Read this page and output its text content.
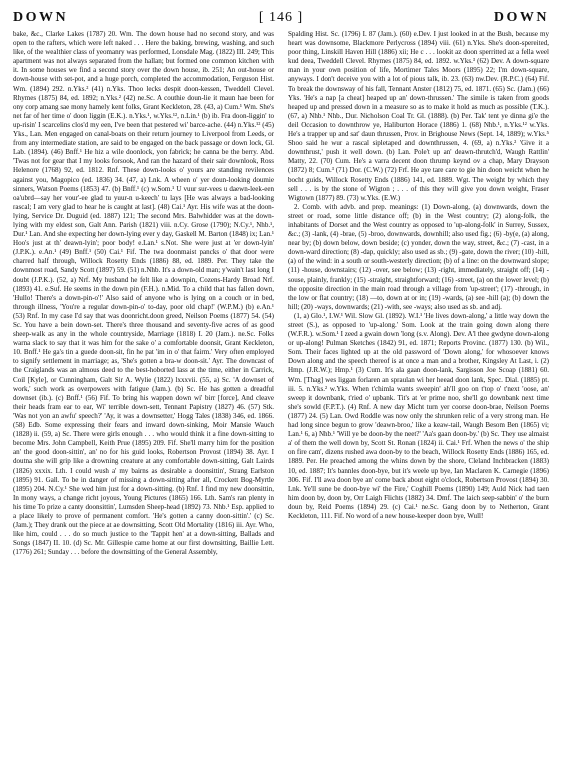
DOWN	[ 146 ]	DOWN

bake, &c., Clarke Lakes (1787) 20. Wm. The down house had no second story, and was open to the rafters, which were left naked . . . Here the baking, brewing, washing, and such like, of the wealthier class of yeomanry was performed, Lonsdale Mag. (1822) III. 249; This apartment was not always separated from the hallan; but formed one common kitchen with it. In some houses we find a second story over the down house, ib. 251; An out-house or down-house with set-pot, and a huge porch, completed the accommodation, Ferguson Hist. Wm. (1894) 292. n.Yks.² (41) n.Yks. Thoo lecks despit doon-kessen, Tweddell Clevel. Rhymes (1875) 84, ed. 1892; n.Yks.² (42) ne.Sc. A couthie doun-lie it maun hae been for ony corp amang sae mony hamely kent folks, Grant Keckleton, 28. (43, a) Cum.¹ Wm. She's net far of her time o' doon liggin (E.K.). n.Yks.¹, w.Yks.¹², n.Lin.¹ (b) ib. Fra doon-liggin' to up-risin' I scarcelins clos'd my een, I've been that pestered wi' barce-ache. (44) n.Yks.¹² (45) Yks., Lan. Men engaged on canal-boats on their return journey to Liverpool from Leeds, or from any intermediate station, are said to be engaged on the back passage or down lock, Gl. Lab. (1894). (46) Bnff.¹ He hiz a wile doonlock, yon fabrick; he canna be the berry. Abd. 'Twas not for gear that I my looks forsook, And ran the hazard of their sair downlook, Ross Helenore (1768) 92, ed. 1812. Rnf. These down-looks o' yours are standing revilences against you, Magopico (ed. 1836) 34. (47, a) Lnk. A wheen o' yer doun-looking doumie sinners, Watson Poems (1853) 47. (b) Bnff.¹ (c) w.Som.¹ U vuur sur-vees u daewn-leek-een oa'ubrd—say her vour'-ee glad tu yuur-n u-keech' tu lays [He was always a bad-looking rascal; I am very glad to hear he is caught at last]. (48) Cai.¹ Ayr. His wife was at the doon-lying, Service Dr. Duguid (ed. 1887) 121; The second Mrs. Balwhidder was at the down-lying with my eldest son, Galt Ann. Parish (1821) viii. n.Cy. Grose (1790); N.Cy.¹, Nhb.¹, Dur.¹ Lan. And she expecting her down-lying ever y day, Gaskell M. Barton (1848) ix; Lan.¹ Hoo's just at th' deawn-lyin'; poor body! e.Lan.¹ s.Not. She were just at 'er down-lyin' (J.P.K.). e.An.¹ (49) Bnff.¹ (50) Cai.¹ Fif. The twa doonmaist pancks o' that door were charred half through, Willock Rosetty Ends (1886) 88, ed. 1889. Per. They take the downmost road, Sandy Scott (1897) 59. (51) n.Nhb. It's a down-old man; y'wain't last long I doubt (J.P.K.). (52, a) Nrf. My husband he felt like a downpin, Cozens-Hardy Broad Nrf. (1893) 41. e.Suf. He seems in the down pin (F.H.). n.Mid. To a child that has fallen down, 'Hullo! There's a down-pin-o'!' Also said of anyone who is lying on a couch or in bed, through illness, 'You're a regular down-pin-o' to-day, poor old chap!' (W.P.M.) (b) e.An.¹ (53) Rnf. In my case I'd say that was doonricht.doon greed, Neilson Poems (1877) 54. (54) Sc. You have a bein down-set. There's three thousand and seventy-five acres of as good sheep-walk as any in the whole countryside, Marriage (1818) I. 20 (Jam.). ne.Sc. Folks warna slack to say that it was him for the sake o' a comfortable doonsit, Grant Keckleton, 10. Bnff.¹ He ga's tin a guede doon-sit, fin he pat 'im in o' that fairm.' Very often employed to signify settlement in marriage; as, 'She's gotten a bra-w doon-sit.' Ayr. The downcast of the Craiglands was an almous deed to the best-hoborted lass at the time, either in Carrick, Coil [Kyle], or Cunningham, Galt Sir A. Wylie (1822) lxxxvii. (55, a) Sc. 'A downset of work,' such work as overpowers with fatigue (Jam.). (b) Sc. He has gotten a dreadful downset (ib.). (c) Bnff.¹ (56) Fif. To bring his wappen down wi' birr [force], And cleave their heads fram ear to ear, Wi' terrible down-sett, Tennant Papistry (1827) 46. (57) Stk. 'Was not yon an awfu' speech?' 'Ay, it was a downsetter,' Hogg Tales (1838) 346, ed. 1866. (58) Edb. Some expressing their fears and inward down-sinking, Moir Mansie Wauch (1828) ii. (59, a) Sc. There were girls enough . . . who would think it a fine down-sitting to become Mrs. John Campbell, Keith Prue (1895) 209. Fif. She'll marry him for the position an' the good doon-sittin', an' no for his guid looks, Robertson Provost (1894) 38. Ayr. I doutna she will grip like a drowning creature at any comfortable down-sitting, Galt Lairds (1826) xxxix. Lth. I could wush a' my bairns as desirable a doonsittin', Strang Earlston (1895) 91. Gall. To be in danger of missing a down-sitting after all, Crockett Bog-Myrtle (1895) 204. N.Cy.¹ She wed him just for a down-sitting. (b) Rnf. I find my new doonsittin, In mony ways, a change richt joyous, Young Pictures (1865) 166. Lth. Sam's ran plenty in his time To prize a canty doonsittin', Lumsden Sheep-head (1892) 73. Nhb.¹ Esp. applied to a place likely to prove of permanent comfort. 'He's gotten a canny doon-sittin'.' (c) Sc. (Jam.); They drank out the piece at ae downsitting, Scott Old Mortality (1816) iii. Ayr. Who, like him, could . . . do so much justice to the 'Tappit hen' at a down-sitting, Ballads and Songs (1847) II. 10. (d) Sc. Mr. Gillespie came home at our first downsitting, Baillie Lett. (1776) 261; Sunday . . . before the downsitting of the General Assembly,

Spalding Hist. Sc. (1796) I. 87 (Jam.). (60) e.Dev. I just looked in at the Bush, because my heart was downsome, Blackmore Perlycross (1894) viii. (61) n.Yks. She's doon-spereited, poor thing, Linskill Haven Hill (1886) xii; He c . . . lookit az doon sperritted az a fella weel kud deea, Tweddell Clevel. Rhymes (1875) 84, ed. 1892. w.Yks.³ (62) Dev. A down-square man in your own position of life, Mortimer Tales Moors (1895) 22; I'm down-square, anyways. I don't deceive you with a lot of pious talk, ib. 23. (63) nw.Dev. (R.P.C.) (64) Fif. To break the downsway of his fall, Tennant Anster (1812) 75, ed. 1871. (65) Sc. (Jam.) (66) Yks. 'He's a nap [a cheat] heaped up an' down-thrussen.' The simile is taken from goods heaped up and pressed down in a measure so as to make it hold as much as possible (T.K.). (67, a) Nhb.¹ Nhb., Dur. Nicholson Coal Tr. Gl. (1888). (b) Per. Tak' tent ye dinna gi'e the deil Occasion to downthrow ye, Haliburton Horace (1886) 1. (68) Nhb.¹, n.Yks.¹² w.Yks. He's a trapper up and sat' daun thrussen, Prov. in Brighouse News (Sept. 14, 1889); w.Yks.⁵ Shoo said he wur a rascal sipletaped and downthrussen, 4. (69, a) n.Yks.² 'Give it a downthrust,' push it well down. (b) Lan. Pole't up an' deawn-thrutch'd, Waugh Rattlin' Matty, 22. (70) Cum. He's a varra decent doon thrump keynd ov a chap, Mary Drayson (1872) 8; Cum.³ (71) Dor. (C.W.) (72) Frf. He aye tare care to gie hin doon weicht when he bocht guids, Willock Rosetty Ends (1886) 141, ed. 1889. Wgt. The weight by which they sell . . . is by the stone of Wigton ; . . . of this they will give you down weight, Fraser Wigtown (1877) 89. (73) w.Yks. (E.W.)

2. Comb. with advb. and prep. meanings: (1) Down-along, (a) downwards, down the street or road, some little distance off; (b) in the West country; (2) along-folk, the inhabitants of Dorset and the West country as opposed to 'up-along-folk' in Surrey, Sussex, &c.; (3) -lank, (4) -brae, (5) -broo, downwards, downhill; also used fig.; (6) -by(e, (a) along, near by; (b) down below, down beside; (c) yonder, down the way, street, &c.; (7) -cast, in a down-ward direction; (8) -dap, quickly; also used as sb.; (9) -gate, down the river; (10) -hill, (a) of the wind: in a south or south-westerly direction; (b) of a line: on the downward slope; (11) -house, downstairs; (12) -over, see below; (13) -right, immediately, straight off; (14) -souse, plainly, frankly; (15) -straight, straightforward; (16) -street, (a) on the lower level; (b) the opposite direction in the main road through a village from 'up-street'; (17) -through, in the low or flat country; (18) —to, down at or in; (19) -wards, (a) see -hill (a); (b) down the hill; (20) -ways, downwards; (21) -with, see -ways; also used as sb. and adj.

(1, a) Glo.¹, I.W.¹ Wil. Slow Gl. (1892). W.I.¹ 'He lives down-along,' a little way down the street (S.), as opposed to 'up-along.' Som. Look at the train going down along there (W.F.R.). w.Som.¹ I zeed a gwain down 'long (s.v. Along). Dev. A'l thee gwdyne down-along or up-along! Pulman Sketches (1842) 91, ed. 1871; Reports Provinc. (1877) 130. (b) Wil., Som. Their faces lighted up at the old password of 'Down along,' for whosoever knows Down along and the speech thereof is at once a man and a brother, Kingsley At Last, i. (2) Hmp. (J.R.W.); Hmp.¹ (3) Cum. It's ala gaan doon-lank, Sargisson Joe Scoap (1881) 60. Wm. [Thag] wes liggan forlaren an spraulan wi her heead doon lank, Spec. Dial. (1885) pt. iii. 5. n.Yks.² w.Yks. When t'chimla wants sweepin' ah'll goo on t'top o' t'next 'oose, an' sweep it downbank, t'ried o' upbank. Tit's at 'er prime noo, she'll go downbank next time she's sowld (F.P.T.). (4) Rnf. A new day Micht turn yer coorse doon-brae, Neilson Poems (1877) 24. (5) Lan. Owd Roddle was now only the shrunken relic of a very strong man. He had long since begun to grow 'deawn-broo,' like a keaw-tail, Waugh Besom Ben (1865) vi; Lan.¹ 6, a) Nhb.¹ 'Will ye be doon-by the neet?' 'Aa's gaan doon-by.' (b) Sc. They use almaist a' of them the well down by, Scott St. Ronan (1824) ii. Cai.¹ Frf. When the news o' the ship on fire cam', dizens rushed awa doon-by to the beach, Willock Rosetty Ends (1886) 165, ed. 1889. Per. He preached among the whins down by the shore, Cleland Inchbracken (1883) 10, ed. 1887; It's bannles doon-bye, but it's weele up bye, Ian Maclaren K. Carnegie (1896) 306. Fif. I'll awa doon bye an' come back about eight o'clock, Robertson Provost (1894) 30. Lnk. Ye'll sune be doon-bye wi' the Fire,' Coghill Poems (1890) 149; Auld Nick had taen him doon by, doon by, Orr Laigh Flichts (1882) 34. Dmf. The laich seep-sabbin' o' the burn doun by, Reid Poems (1894) 29. (c) Cai.¹ ne.Sc. Gang doon by to Netherton, Grant Keckleton, 111. Fif. No word of a new house-keeper doon bye, Wull!
